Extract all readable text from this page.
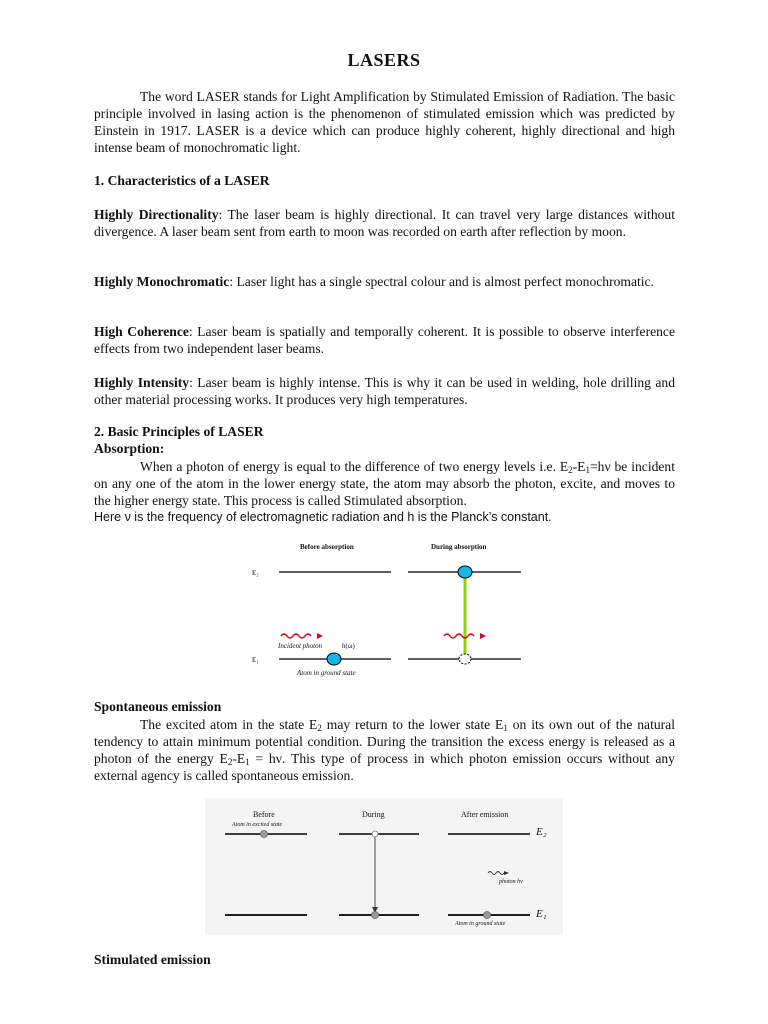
LASERS

The word LASER stands for Light Amplification by Stimulated Emission of Radiation. The basic principle involved in lasing action is the phenomenon of stimulated emission which was predicted by Einstein in 1917. LASER is a device which can produce highly coherent, highly directional and high intense beam of monochromatic light.

1. Characteristics of a LASER

Highly Directionality: The laser beam is highly directional. It can travel very large distances without divergence. A laser beam sent from earth to moon was recorded on earth after reflection by moon.

Highly Monochromatic: Laser light has a single spectral colour and is almost perfect monochromatic.

High Coherence: Laser beam is spatially and temporally coherent. It is possible to observe interference effects from two independent laser beams.

Highly Intensity: Laser beam is highly intense. This is why it can be used in welding, hole drilling and other material processing works. It produces very high temperatures.

2. Basic Principles of LASER
Absorption:

When a photon of energy is equal to the difference of two energy levels i.e. $E_2-E_1=h\nu$ be incident on any one of the atom in the lower energy state, the atom may absorb the photon, excite, and moves to the higher energy state. This process is called Stimulated absorption.

Here ν is the frequency of electromagnetic radiation and h is the Planck’s constant.
Before absorption	During absorption
E₂
E₁
Incident photon	h(ω)
Atom in ground state
Spontaneous emission

The excited atom in the state $E_2$ may return to the lower state $E_1$ on its own out of the natural tendency to attain minimum potential condition. During the transition the excess energy is released as a photon of the energy $E_2-E_1 = h\nu$. This type of process in which photon emission occurs without any external agency is called spontaneous emission.

Before	During	After emission
Atom in excited state
photon hν
Atom in ground state
E₂
E₁
Stimulated emission
